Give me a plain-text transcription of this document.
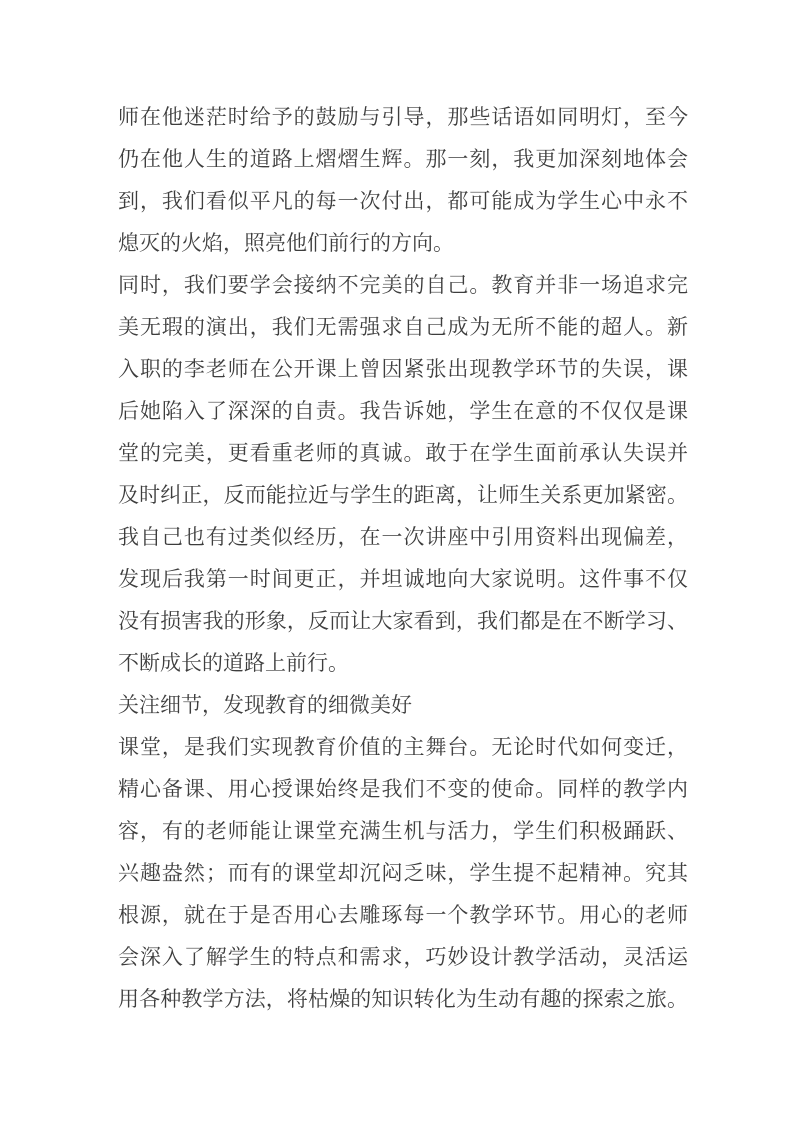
师在他迷茫时给予的鼓励与引导，那些话语如同明灯，至今
仍在他人生的道路上熠熠生辉。那一刻，我更加深刻地体会
到，我们看似平凡的每一次付出，都可能成为学生心中永不
熄灭的火焰，照亮他们前行的方向。
同时，我们要学会接纳不完美的自己。教育并非一场追求完
美无瑕的演出，我们无需强求自己成为无所不能的超人。新
入职的李老师在公开课上曾因紧张出现教学环节的失误，课
后她陷入了深深的自责。我告诉她，学生在意的不仅仅是课
堂的完美，更看重老师的真诚。敢于在学生面前承认失误并
及时纠正，反而能拉近与学生的距离，让师生关系更加紧密。
我自己也有过类似经历，在一次讲座中引用资料出现偏差，
发现后我第一时间更正，并坦诚地向大家说明。这件事不仅
没有损害我的形象，反而让大家看到，我们都是在不断学习、
不断成长的道路上前行。
关注细节，发现教育的细微美好
课堂，是我们实现教育价值的主舞台。无论时代如何变迁，
精心备课、用心授课始终是我们不变的使命。同样的教学内
容，有的老师能让课堂充满生机与活力，学生们积极踊跃、
兴趣盎然；而有的课堂却沉闷乏味，学生提不起精神。究其
根源，就在于是否用心去雕琢每一个教学环节。用心的老师
会深入了解学生的特点和需求，巧妙设计教学活动，灵活运
用各种教学方法，将枯燥的知识转化为生动有趣的探索之旅。
